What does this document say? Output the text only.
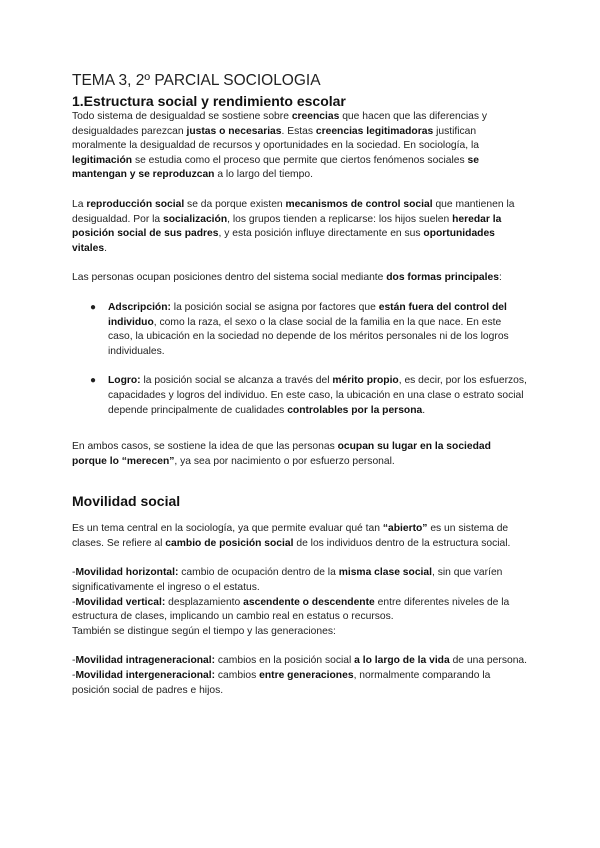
TEMA 3, 2º PARCIAL SOCIOLOGIA
1.Estructura social y rendimiento escolar

Todo sistema de desigualdad se sostiene sobre creencias que hacen que las diferencias y desigualdades parezcan justas o necesarias. Estas creencias legitimadoras justifican moralmente la desigualdad de recursos y oportunidades en la sociedad. En sociología, la legitimación se estudia como el proceso que permite que ciertos fenómenos sociales se mantengan y se reproduzcan a lo largo del tiempo.

La reproducción social se da porque existen mecanismos de control social que mantienen la desigualdad. Por la socialización, los grupos tienden a replicarse: los hijos suelen heredar la posición social de sus padres, y esta posición influye directamente en sus oportunidades vitales.

Las personas ocupan posiciones dentro del sistema social mediante dos formas principales:

● Adscripción: la posición social se asigna por factores que están fuera del control del individuo, como la raza, el sexo o la clase social de la familia en la que nace. En este caso, la ubicación en la sociedad no depende de los méritos personales ni de los logros individuales.
● Logro: la posición social se alcanza a través del mérito propio, es decir, por los esfuerzos, capacidades y logros del individuo. En este caso, la ubicación en una clase o estrato social depende principalmente de cualidades controlables por la persona.

En ambos casos, se sostiene la idea de que las personas ocupan su lugar en la sociedad porque lo “merecen”, ya sea por nacimiento o por esfuerzo personal.

Movilidad social

Es un tema central en la sociología, ya que permite evaluar qué tan “abierto” es un sistema de clases. Se refiere al cambio de posición social de los individuos dentro de la estructura social.

-Movilidad horizontal: cambio de ocupación dentro de la misma clase social, sin que varíen significativamente el ingreso o el estatus.

-Movilidad vertical: desplazamiento ascendente o descendente entre diferentes niveles de la estructura de clases, implicando un cambio real en estatus o recursos.

También se distingue según el tiempo y las generaciones:

-Movilidad intrageneracional: cambios en la posición social a lo largo de la vida de una persona.

-Movilidad intergeneracional: cambios entre generaciones, normalmente comparando la posición social de padres e hijos.
